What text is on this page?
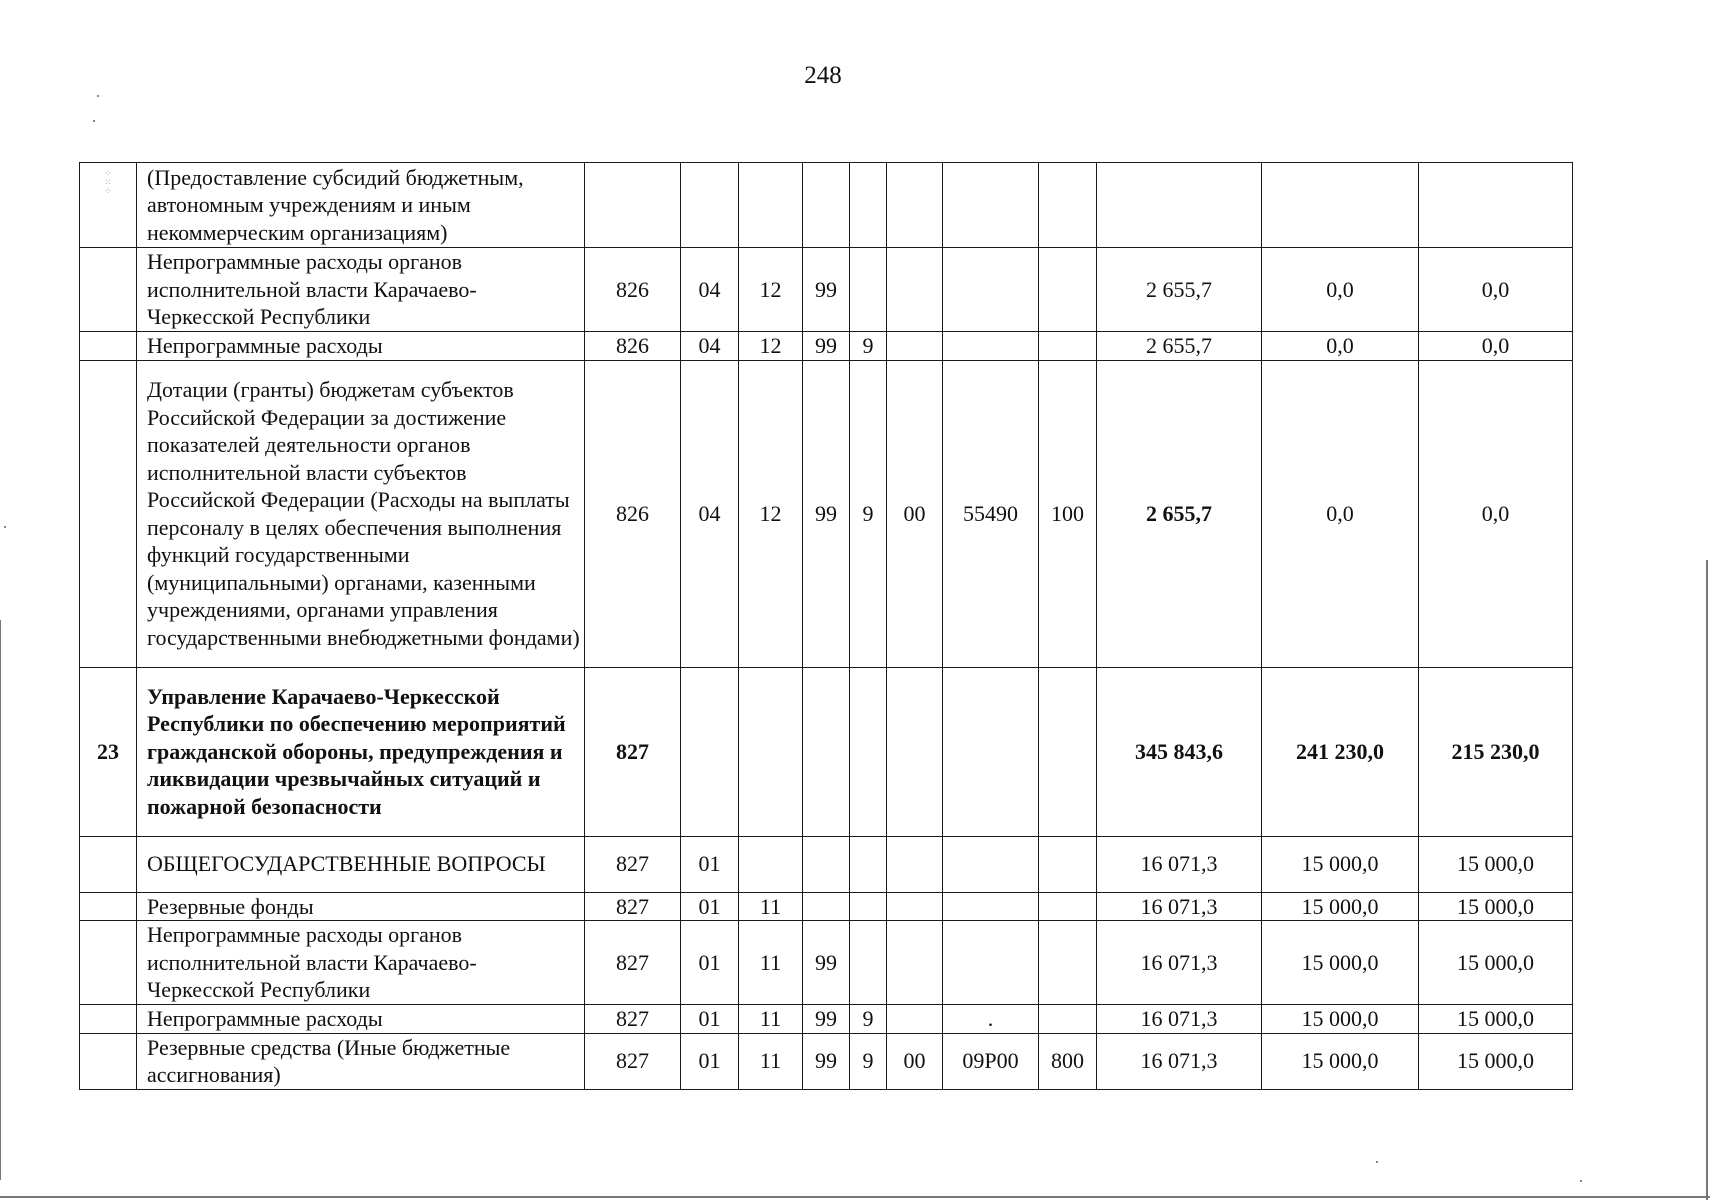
248
⁘
⁙
⁘	(Предоставление субсидий бюджетным, автономным учреждениям и иным некоммерческим организациям)											
	Непрограммные расходы органов исполнительной власти Карачаево-Черкесской Республики	826	04	12	99					2 655,7	0,0	0,0
	Непрограммные расходы	826	04	12	99	9				2 655,7	0,0	0,0
	Дотации (гранты) бюджетам субъектов Российской Федерации за достижение показателей деятельности органов исполнительной власти субъектов Российской Федерации (Расходы на выплаты персоналу в целях обеспечения выполнения функций государственными (муниципальными) органами, казенными учреждениями, органами управления государственными внебюджетными фондами)	826	04	12	99	9	00	55490	100	2 655,7	0,0	0,0
23	Управление Карачаево-Черкесской Республики по обеспечению мероприятий гражданской обороны, предупреждения и ликвидации чрезвычайных ситуаций и пожарной безопасности	827								345 843,6	241 230,0	215 230,0
	ОБЩЕГОСУДАРСТВЕННЫЕ ВОПРОСЫ	827	01							16 071,3	15 000,0	15 000,0
	Резервные фонды	827	01	11						16 071,3	15 000,0	15 000,0
	Непрограммные расходы органов исполнительной власти Карачаево-Черкесской Республики	827	01	11	99					16 071,3	15 000,0	15 000,0
	Непрограммные расходы	827	01	11	99	9		.		16 071,3	15 000,0	15 000,0
	Резервные средства (Иные бюджетные ассигнования)	827	01	11	99	9	00	09Р00	800	16 071,3	15 000,0	15 000,0
